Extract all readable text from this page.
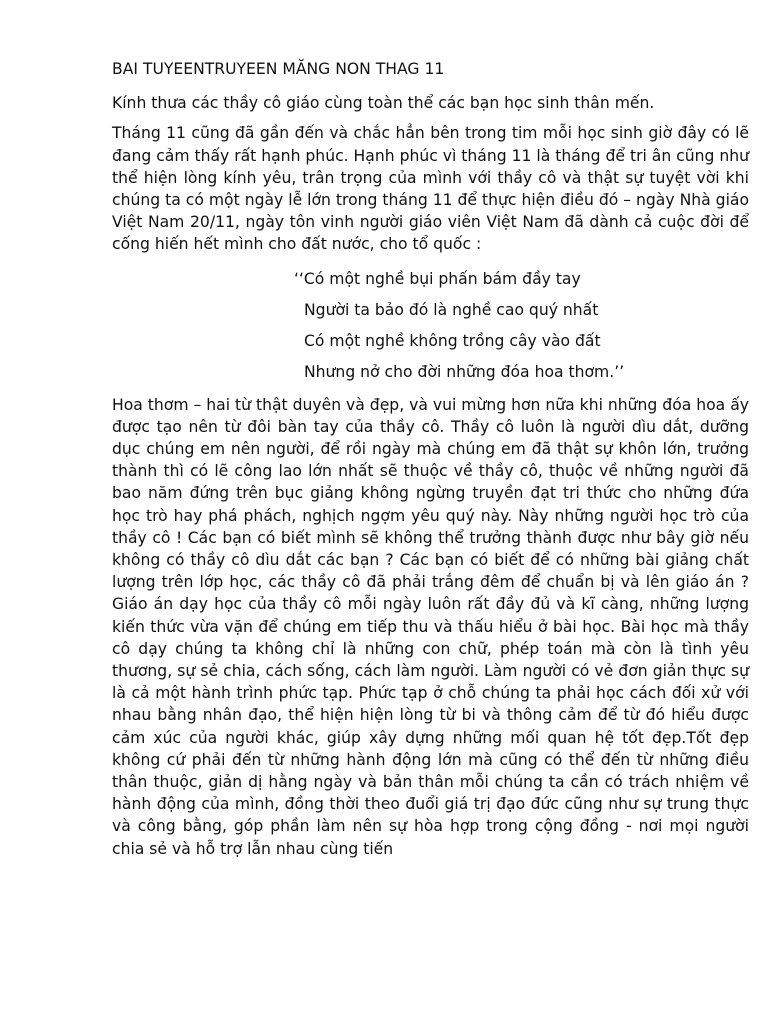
BAI TUYEENTRUYEEN MĂNG NON THAG 11

Kính thưa các thầy cô giáo cùng toàn thể các bạn học sinh thân mến.

Tháng 11 cũng đã gần đến và chắc hẳn bên trong tim mỗi học sinh giờ đây có lẽ đang cảm thấy rất hạnh phúc. Hạnh phúc vì tháng 11 là tháng để tri ân cũng như thể hiện lòng kính yêu, trân trọng của mình với thầy cô và thật sự tuyệt vời khi chúng ta có một ngày lễ lớn trong tháng 11 để thực hiện điều đó – ngày Nhà giáo Việt Nam 20/11, ngày tôn vinh người giáo viên Việt Nam đã dành cả cuộc đời để cống hiến hết mình cho đất nước, cho tổ quốc :

‘‘Có một nghề bụi phấn bám đầy tay

Người ta bảo đó là nghề cao quý nhất

Có một nghề không trồng cây vào đất

Nhưng nở cho đời những đóa hoa thơm.’’

Hoa thơm – hai từ thật duyên và đẹp, và vui mừng hơn nữa khi những đóa hoa ấy được tạo nên từ đôi bàn tay của thầy cô. Thầy cô luôn là người dìu dắt, dưỡng dục chúng em nên người, để rồi ngày mà chúng em đã thật sự khôn lớn, trưởng thành thì có lẽ công lao lớn nhất sẽ thuộc về thầy cô, thuộc về những người đã bao năm đứng trên bục giảng không ngừng truyền đạt tri thức cho những đứa học trò hay phá phách, nghịch ngợm yêu quý này. Này những người học trò của thầy cô ! Các bạn có biết mình sẽ không thể trưởng thành được như bây giờ nếu không có thầy cô dìu dắt các bạn ? Các bạn có biết để có những bài giảng chất lượng trên lớp học, các thầy cô đã phải trắng đêm để chuẩn bị và lên giáo án ? Giáo án dạy học của thầy cô mỗi ngày luôn rất đầy đủ và kĩ càng, những lượng kiến thức vừa vặn để chúng em tiếp thu và thấu hiểu ở bài học. Bài học mà thầy cô dạy chúng ta không chỉ là những con chữ, phép toán mà còn là tình yêu thương, sự sẻ chia, cách sống, cách làm người. Làm người có vẻ đơn giản thực sự là cả một hành trình phức tạp. Phức tạp ở chỗ chúng ta phải học cách đối xử với nhau bằng nhân đạo, thể hiện hiện lòng từ bi và thông cảm để từ đó hiểu được cảm xúc của người khác, giúp xây dựng những mối quan hệ tốt đẹp.Tốt đẹp không cứ phải đến từ những hành động lớn mà cũng có thể đến từ những điều thân thuộc, giản dị hằng ngày và bản thân mỗi chúng ta cần có trách nhiệm về hành động của mình, đồng thời theo đuổi giá trị đạo đức cũng như sự trung thực và công bằng, góp phần làm nên sự hòa hợp trong cộng đồng - nơi mọi người chia sẻ và hỗ trợ lẫn nhau cùng tiến
